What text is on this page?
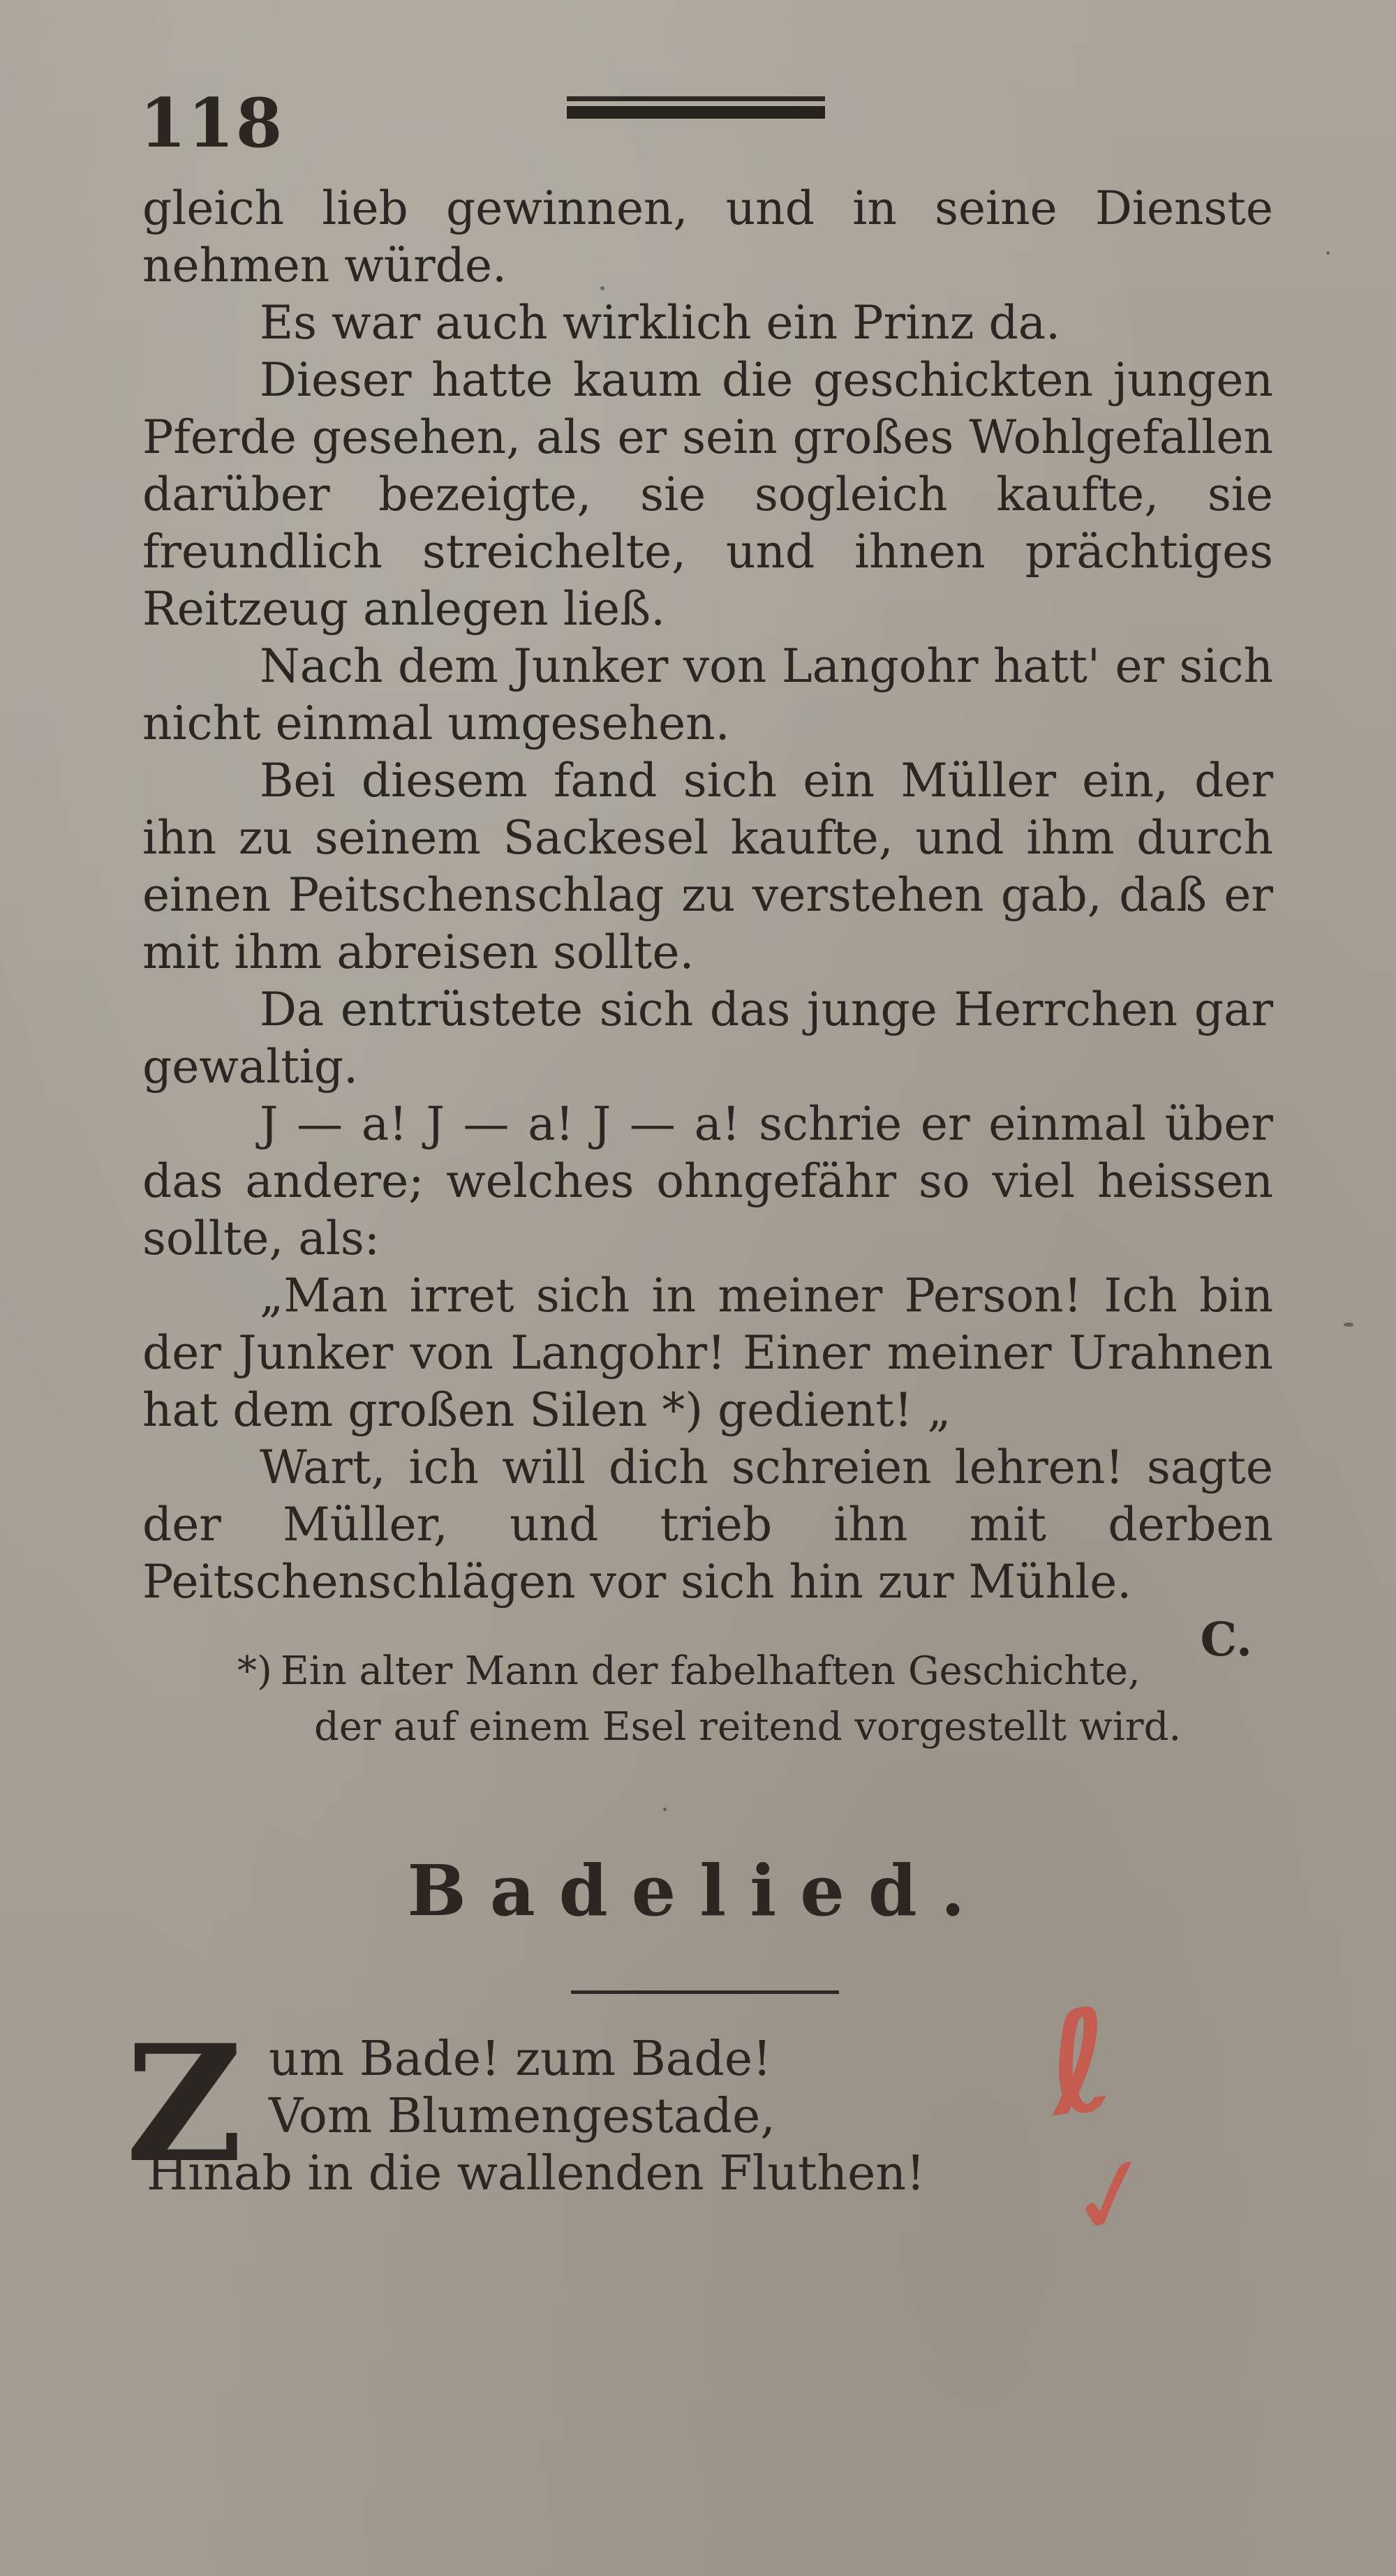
118

gleich lieb gewinnen, und in seine Dienste nehmen würde.

Es war auch wirklich ein Prinz da.

Dieser hatte kaum die geschickten jungen Pferde gesehen, als er sein großes Wohlgefallen darüber bezeigte, sie sogleich kaufte, sie freundlich streichelte, und ihnen prächtiges Reitzeug anlegen ließ.

Nach dem Junker von Langohr hatt' er sich nicht einmal umgesehen.

Bei diesem fand sich ein Müller ein, der ihn zu seinem Sackesel kaufte, und ihm durch einen Peitschenschlag zu verstehen gab, daß er mit ihm abreisen sollte.

Da entrüstete sich das junge Herrchen gar gewaltig.

J — a! J — a! J — a! schrie er einmal über das andere; welches ohngefähr so viel heissen sollte, als:

„Man irret sich in meiner Person! Ich bin der Junker von Langohr! Einer meiner Urahnen hat dem großen Silen *) gedient! „

Wart, ich will dich schreien lehren! sagte der Müller, und trieb ihn mit derben Peitschenschlägen vor sich hin zur Mühle.
C.

*) Ein alter Mann der fabelhaften Geschichte,
der auf einem Esel reitend vorgestellt wird.
Badelied.
Z um Bade! zum Bade!
Vom Blumengestade,
Hinab in die wallenden Fluthen!
ℓ
✓
